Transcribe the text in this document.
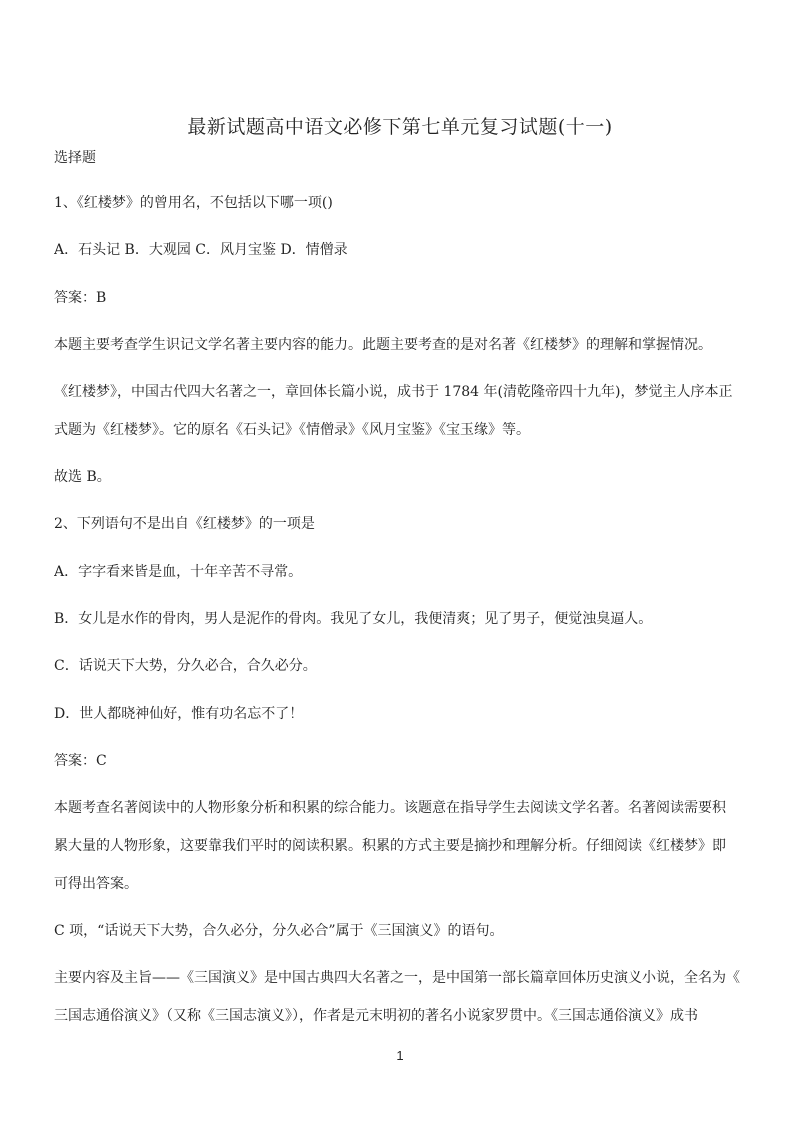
最新试题高中语文必修下第七单元复习试题(十一)
选择题
1、《红楼梦》的曾用名，不包括以下哪一项()
A．石头记 B．大观园 C．风月宝鉴 D．情僧录
答案：B
本题主要考查学生识记文学名著主要内容的能力。此题主要考查的是对名著《红楼梦》的理解和掌握情况。
《红楼梦》，中国古代四大名著之一，章回体长篇小说，成书于 1784 年(清乾隆帝四十九年)，梦觉主人序本正
式题为《红楼梦》。它的原名《石头记》《情僧录》《风月宝鉴》《宝玉缘》等。
故选 B。
2、下列语句不是出自《红楼梦》的一项是
A．字字看来皆是血，十年辛苦不寻常。
B．女儿是水作的骨肉，男人是泥作的骨肉。我见了女儿，我便清爽；见了男子，便觉浊臭逼人。
C．话说天下大势，分久必合，合久必分。
D．世人都晓神仙好，惟有功名忘不了！
答案：C
本题考查名著阅读中的人物形象分析和积累的综合能力。该题意在指导学生去阅读文学名著。名著阅读需要积
累大量的人物形象，这要靠我们平时的阅读积累。积累的方式主要是摘抄和理解分析。仔细阅读《红楼梦》即
可得出答案。
C 项，“话说天下大势，合久必分，分久必合”属于《三国演义》的语句。
主要内容及主旨——《三国演义》是中国古典四大名著之一，是中国第一部长篇章回体历史演义小说，全名为《
三国志通俗演义》（又称《三国志演义》），作者是元末明初的著名小说家罗贯中。《三国志通俗演义》成书
1
